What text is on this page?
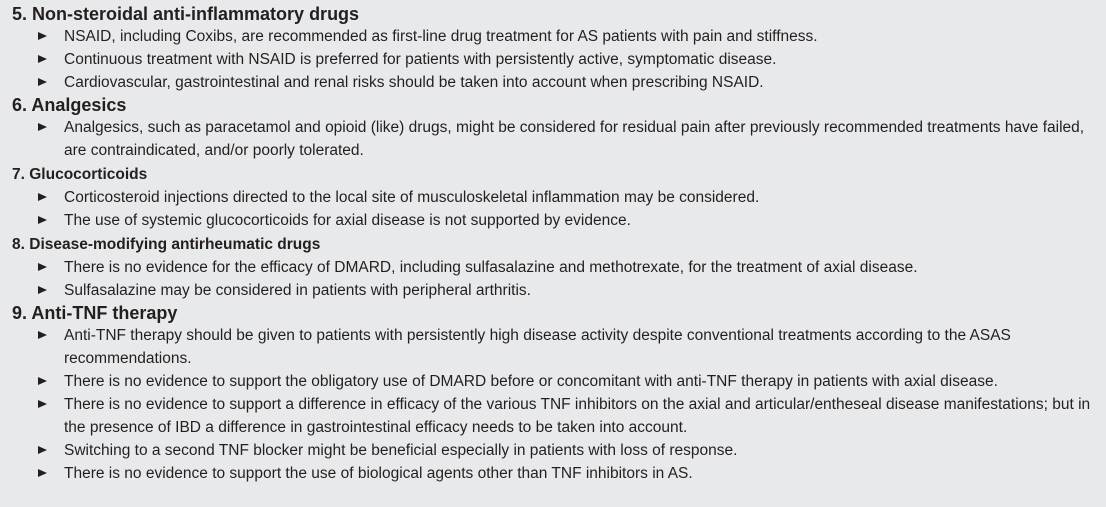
5. Non-steroidal anti-inflammatory drugs
NSAID, including Coxibs, are recommended as first-line drug treatment for AS patients with pain and stiffness.
Continuous treatment with NSAID is preferred for patients with persistently active, symptomatic disease.
Cardiovascular, gastrointestinal and renal risks should be taken into account when prescribing NSAID.
6. Analgesics
Analgesics, such as paracetamol and opioid (like) drugs, might be considered for residual pain after previously recommended treatments have failed, are contraindicated, and/or poorly tolerated.
7. Glucocorticoids
Corticosteroid injections directed to the local site of musculoskeletal inflammation may be considered.
The use of systemic glucocorticoids for axial disease is not supported by evidence.
8. Disease-modifying antirheumatic drugs
There is no evidence for the efficacy of DMARD, including sulfasalazine and methotrexate, for the treatment of axial disease.
Sulfasalazine may be considered in patients with peripheral arthritis.
9. Anti-TNF therapy
Anti-TNF therapy should be given to patients with persistently high disease activity despite conventional treatments according to the ASAS recommendations.
There is no evidence to support the obligatory use of DMARD before or concomitant with anti-TNF therapy in patients with axial disease.
There is no evidence to support a difference in efficacy of the various TNF inhibitors on the axial and articular/entheseal disease manifestations; but in the presence of IBD a difference in gastrointestinal efficacy needs to be taken into account.
Switching to a second TNF blocker might be beneficial especially in patients with loss of response.
There is no evidence to support the use of biological agents other than TNF inhibitors in AS.
